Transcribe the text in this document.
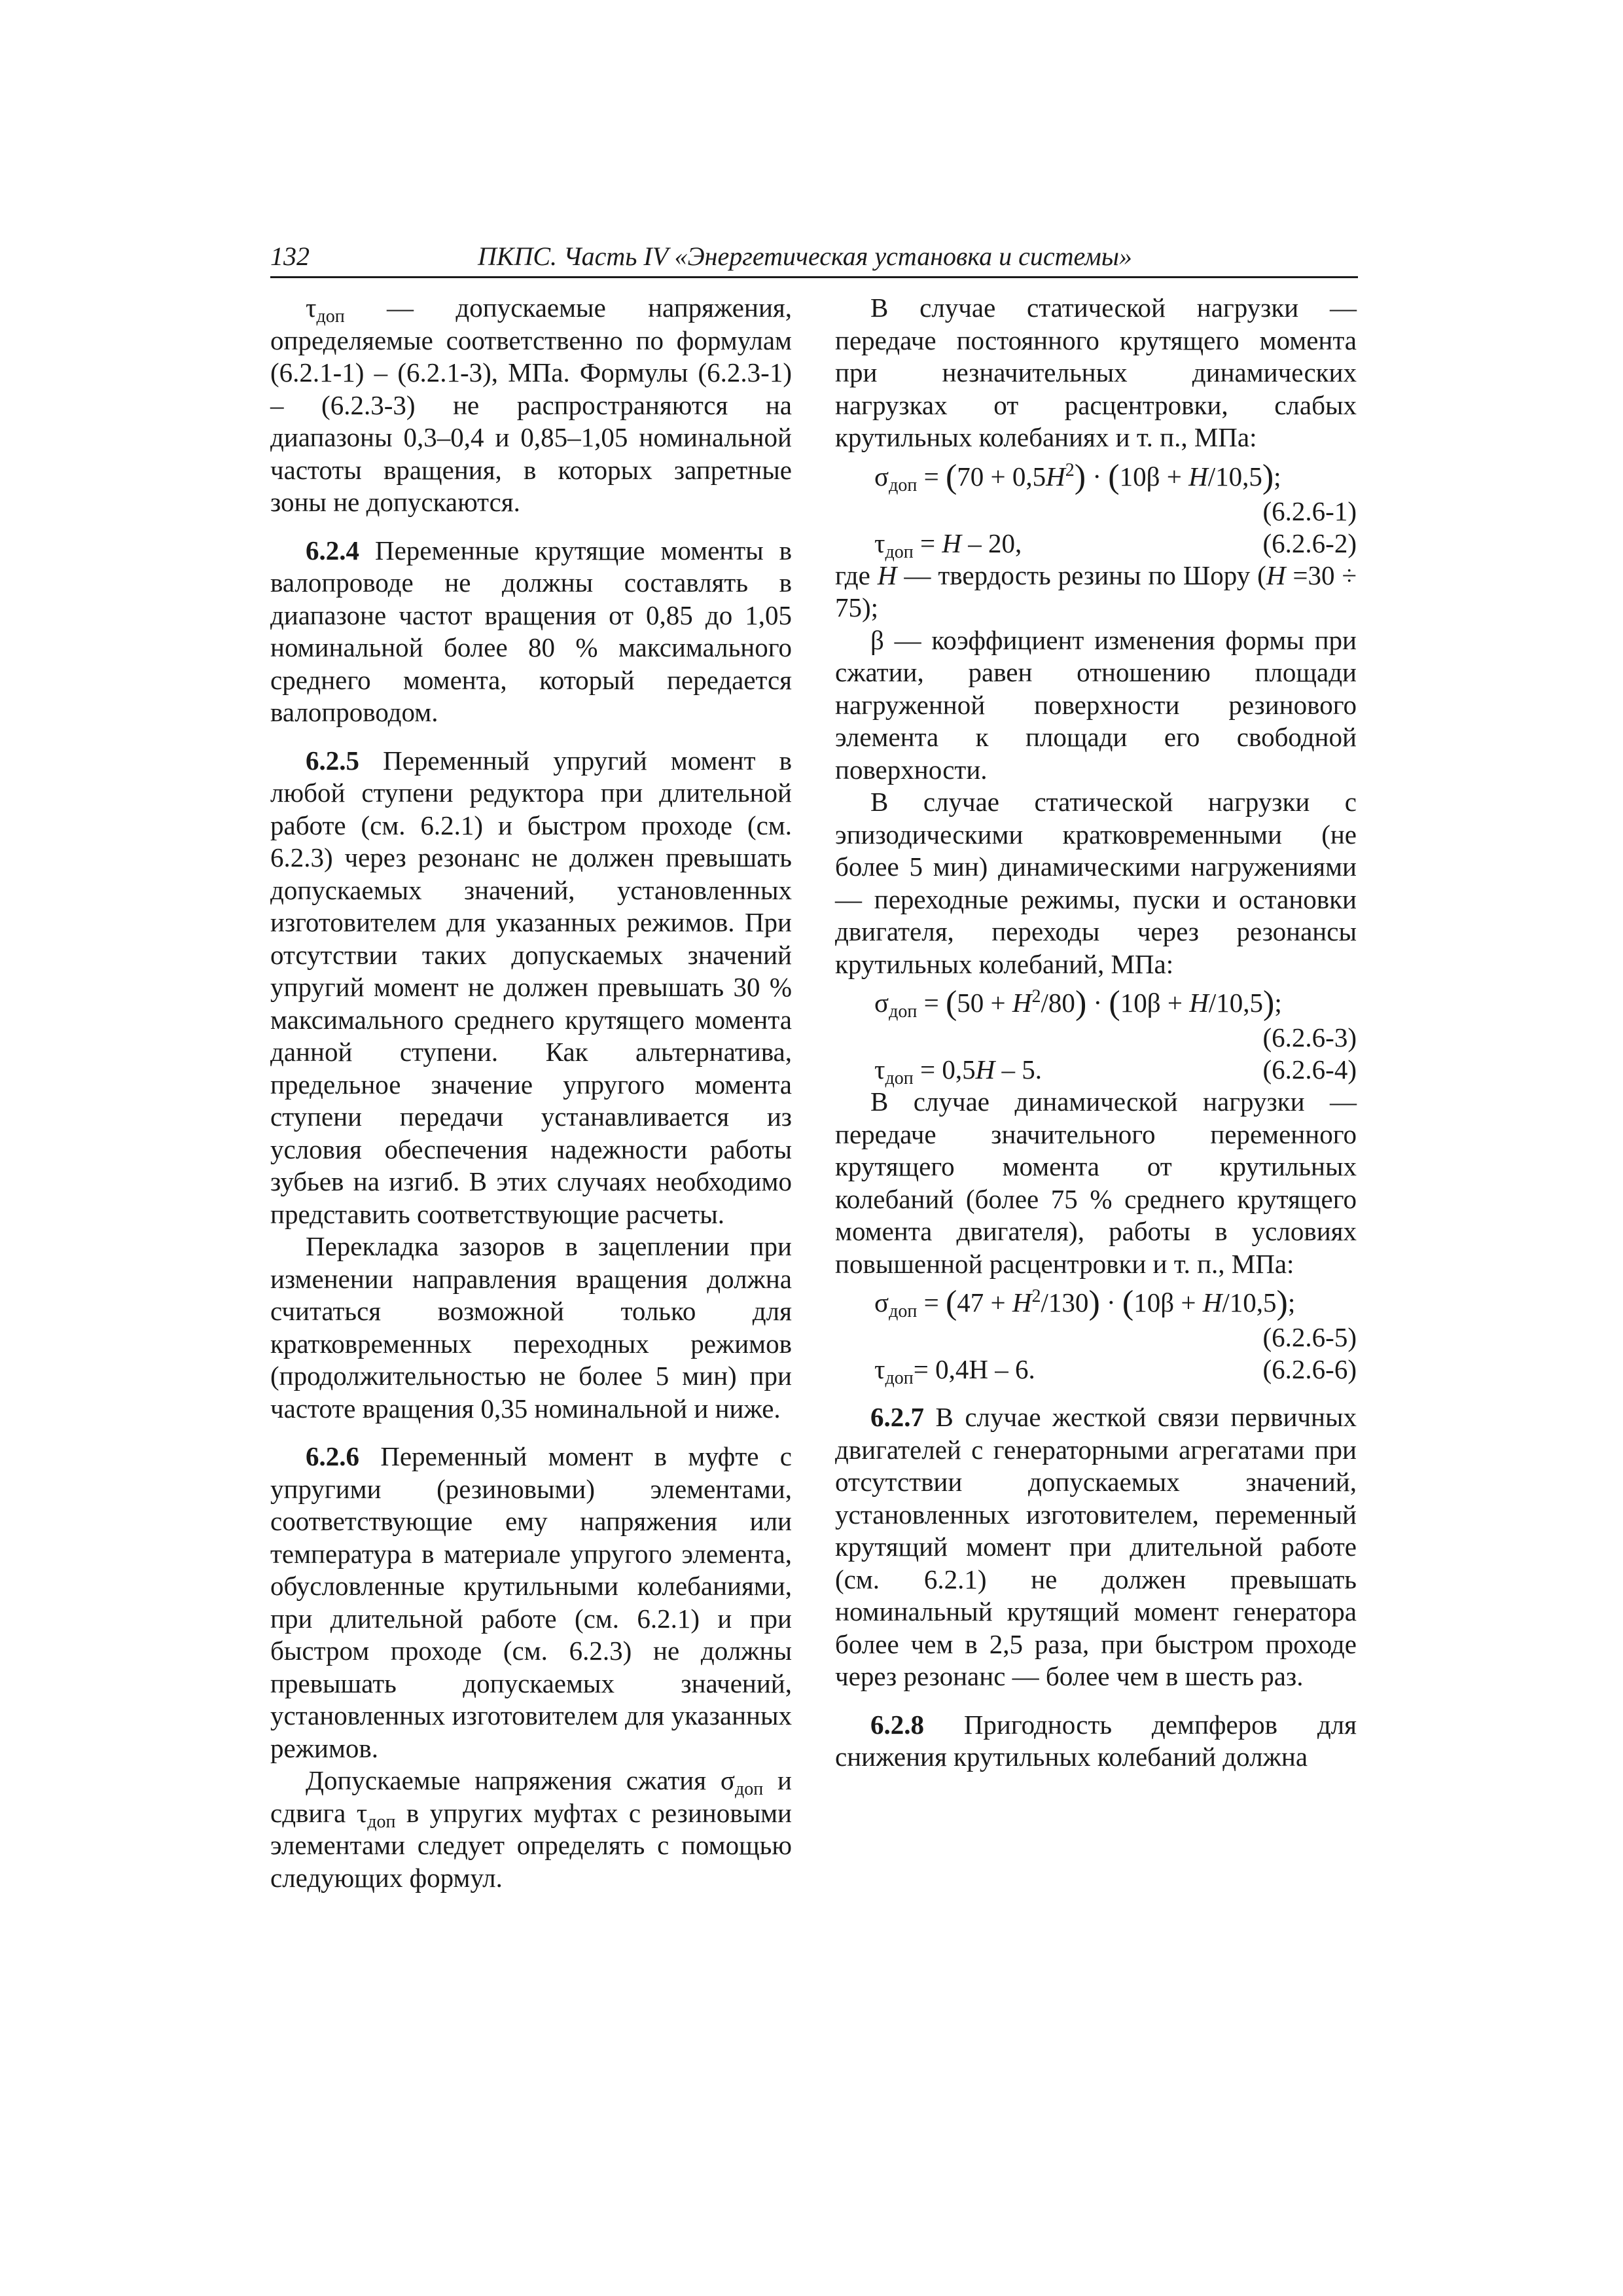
132	ПКПС. Часть IV «Энергетическая установка и системы»

$\tau_{доп}$ — допускаемые напряжения, определяемые соответственно по формулам (6.2.1-1) – (6.2.1-3), МПа. Формулы (6.2.3-1) – (6.2.3-3) не распространяются на диапазоны 0,3–0,4 и 0,85–1,05 номинальной частоты вращения, в которых запретные зоны не допускаются.

6.2.4 Переменные крутящие моменты в валопроводе не должны составлять в диапазоне частот вращения от 0,85 до 1,05 номинальной более 80 % максимального среднего момента, который передается валопроводом.

6.2.5 Переменный упругий момент в любой ступени редуктора при длительной работе (см. 6.2.1) и быстром проходе (см. 6.2.3) через резонанс не должен превышать допускаемых значений, установленных изготовителем для указанных режимов. При отсутствии таких допускаемых значений упругий момент не должен превышать 30 % максимального среднего крутящего момента данной ступени. Как альтернатива, предельное значение упругого момента ступени передачи устанавливается из условия обеспечения надежности работы зубьев на изгиб. В этих случаях необходимо представить соответствующие расчеты.

Перекладка зазоров в зацеплении при изменении направления вращения должна считаться возможной только для кратковременных переходных режимов (продолжительностью не более 5 мин) при частоте вращения 0,35 номинальной и ниже.

6.2.6 Переменный момент в муфте с упругими (резиновыми) элементами, соответствующие ему напряжения или температура в материале упругого элемента, обусловленные крутильными колебаниями, при длительной работе (см. 6.2.1) и при быстром проходе (см. 6.2.3) не должны превышать допускаемых значений, установленных изготовителем для указанных режимов.

Допускаемые напряжения сжатия $\sigma_{доп}$ и сдвига $\tau_{доп}$ в упругих муфтах с резиновыми элементами следует определять с помощью следующих формул.

В случае статической нагрузки — передаче постоянного крутящего момента при незначительных динамических нагрузках от расцентровки, слабых крутильных колебаниях и т. п., МПа:

$\sigma_{доп} = (70 + 0,5H^2) \cdot (10\beta + H/10,5)$;
(6.2.6-1)
$\tau_{доп} = H - 20$,	(6.2.6-2)

где H — твердость резины по Шору (H =30 ÷ 75);

β — коэффициент изменения формы при сжатии, равен отношению площади нагруженной поверхности резинового элемента к площади его свободной поверхности.

В случае статической нагрузки с эпизодическими кратковременными (не более 5 мин) динамическими нагружениями — переходные режимы, пуски и остановки двигателя, переходы через резонансы крутильных колебаний, МПа:

$\sigma_{доп} = (50 + H^2/80) \cdot (10\beta + H/10,5)$;
(6.2.6-3)
$\tau_{доп} = 0,5H - 5$.	(6.2.6-4)

В случае динамической нагрузки — передаче значительного переменного крутящего момента от крутильных колебаний (более 75 % среднего крутящего момента двигателя), работы в условиях повышенной расцентровки и т. п., МПа:

$\sigma_{доп} = (47 + H^2/130) \cdot (10\beta + H/10,5)$;
(6.2.6-5)
$\tau_{доп}= 0,4Н - 6$.	(6.2.6-6)

6.2.7 В случае жесткой связи первичных двигателей с генераторными агрегатами при отсутствии допускаемых значений, установленных изготовителем, переменный крутящий момент при длительной работе (см. 6.2.1) не должен превышать номинальный крутящий момент генератора более чем в 2,5 раза, при быстром проходе через резонанс — более чем в шесть раз.

6.2.8 Пригодность демпферов для снижения крутильных колебаний должна
